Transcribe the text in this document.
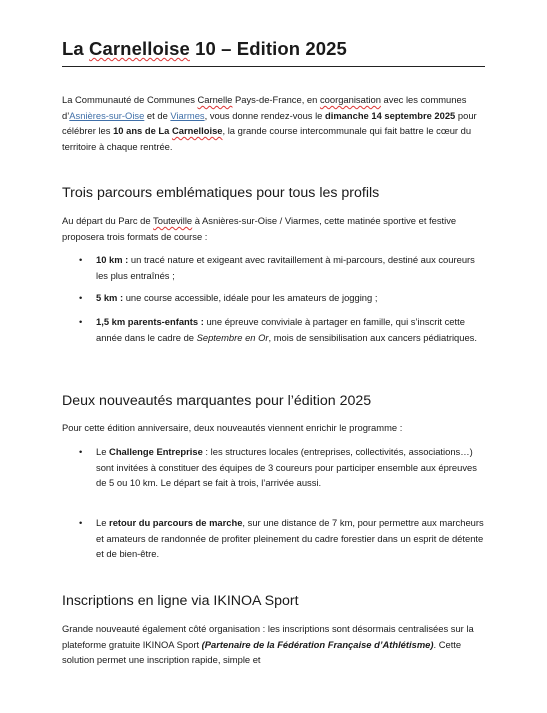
La Carnelloise 10 – Edition 2025

La Communauté de Communes Carnelle Pays-de-France, en coorganisation avec les communes d’Asnières-sur-Oise et de Viarmes, vous donne rendez-vous le dimanche 14 septembre 2025 pour célébrer les 10 ans de La Carnelloise, la grande course intercommunale qui fait battre le cœur du territoire à chaque rentrée.

Trois parcours emblématiques pour tous les profils

Au départ du Parc de Touteville à Asnières-sur-Oise / Viarmes, cette matinée sportive et festive proposera trois formats de course :

• 10 km : un tracé nature et exigeant avec ravitaillement à mi-parcours, destiné aux coureurs les plus entraînés ;

• 5 km : une course accessible, idéale pour les amateurs de jogging ;

• 1,5 km parents-enfants : une épreuve conviviale à partager en famille, qui s’inscrit cette année dans le cadre de Septembre en Or, mois de sensibilisation aux cancers pédiatriques.

Deux nouveautés marquantes pour l’édition 2025

Pour cette édition anniversaire, deux nouveautés viennent enrichir le programme :

• Le Challenge Entreprise : les structures locales (entreprises, collectivités, associations…) sont invitées à constituer des équipes de 3 coureurs pour participer ensemble aux épreuves de 5 ou 10 km. Le départ se fait à trois, l’arrivée aussi.

• Le retour du parcours de marche, sur une distance de 7 km, pour permettre aux marcheurs et amateurs de randonnée de profiter pleinement du cadre forestier dans un esprit de détente et de bien-être.

Inscriptions en ligne via IKINOA Sport

Grande nouveauté également côté organisation : les inscriptions sont désormais centralisées sur la plateforme gratuite IKINOA Sport (Partenaire de la Fédération Française d’Athlétisme). Cette solution permet une inscription rapide, simple et
